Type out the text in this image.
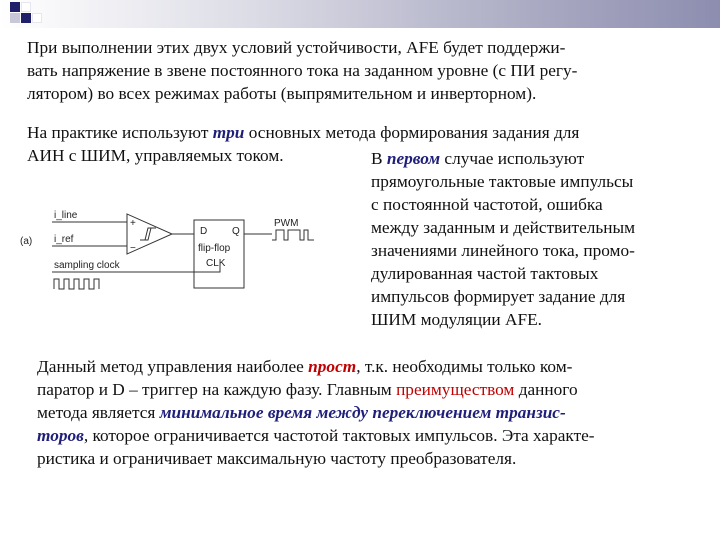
При выполнении этих двух условий устойчивости, AFE будет поддержи-
вать напряжение в звене постоянного тока на заданном уровне (с ПИ регу-
лятором) во всех режимах работы (выпрямительном и инверторном).
На практике используют три основных метода формирования задания для
АИН с ШИМ, управляемых током.	В первом случае используют
прямоугольные тактовые импульсы
с постоянной частотой, ошибка
между заданным и действительным
значениями линейного тока, промо-
дулированная частой тактовых
импульсов формирует задание для
ШИМ модуляции AFE.
(a)
i_line
i_ref
+
−
D Q
flip-flop
CLK
PWM
sampling clock
Данный метод управления наиболее прост, т.к. необходимы только ком-
паратор и D – триггер на каждую фазу. Главным преимуществом данного
метода является минимальное время между переключением транзис-
торов, которое ограничивается частотой тактовых импульсов. Эта характе-
ристика и ограничивает максимальную частоту преобразователя.
